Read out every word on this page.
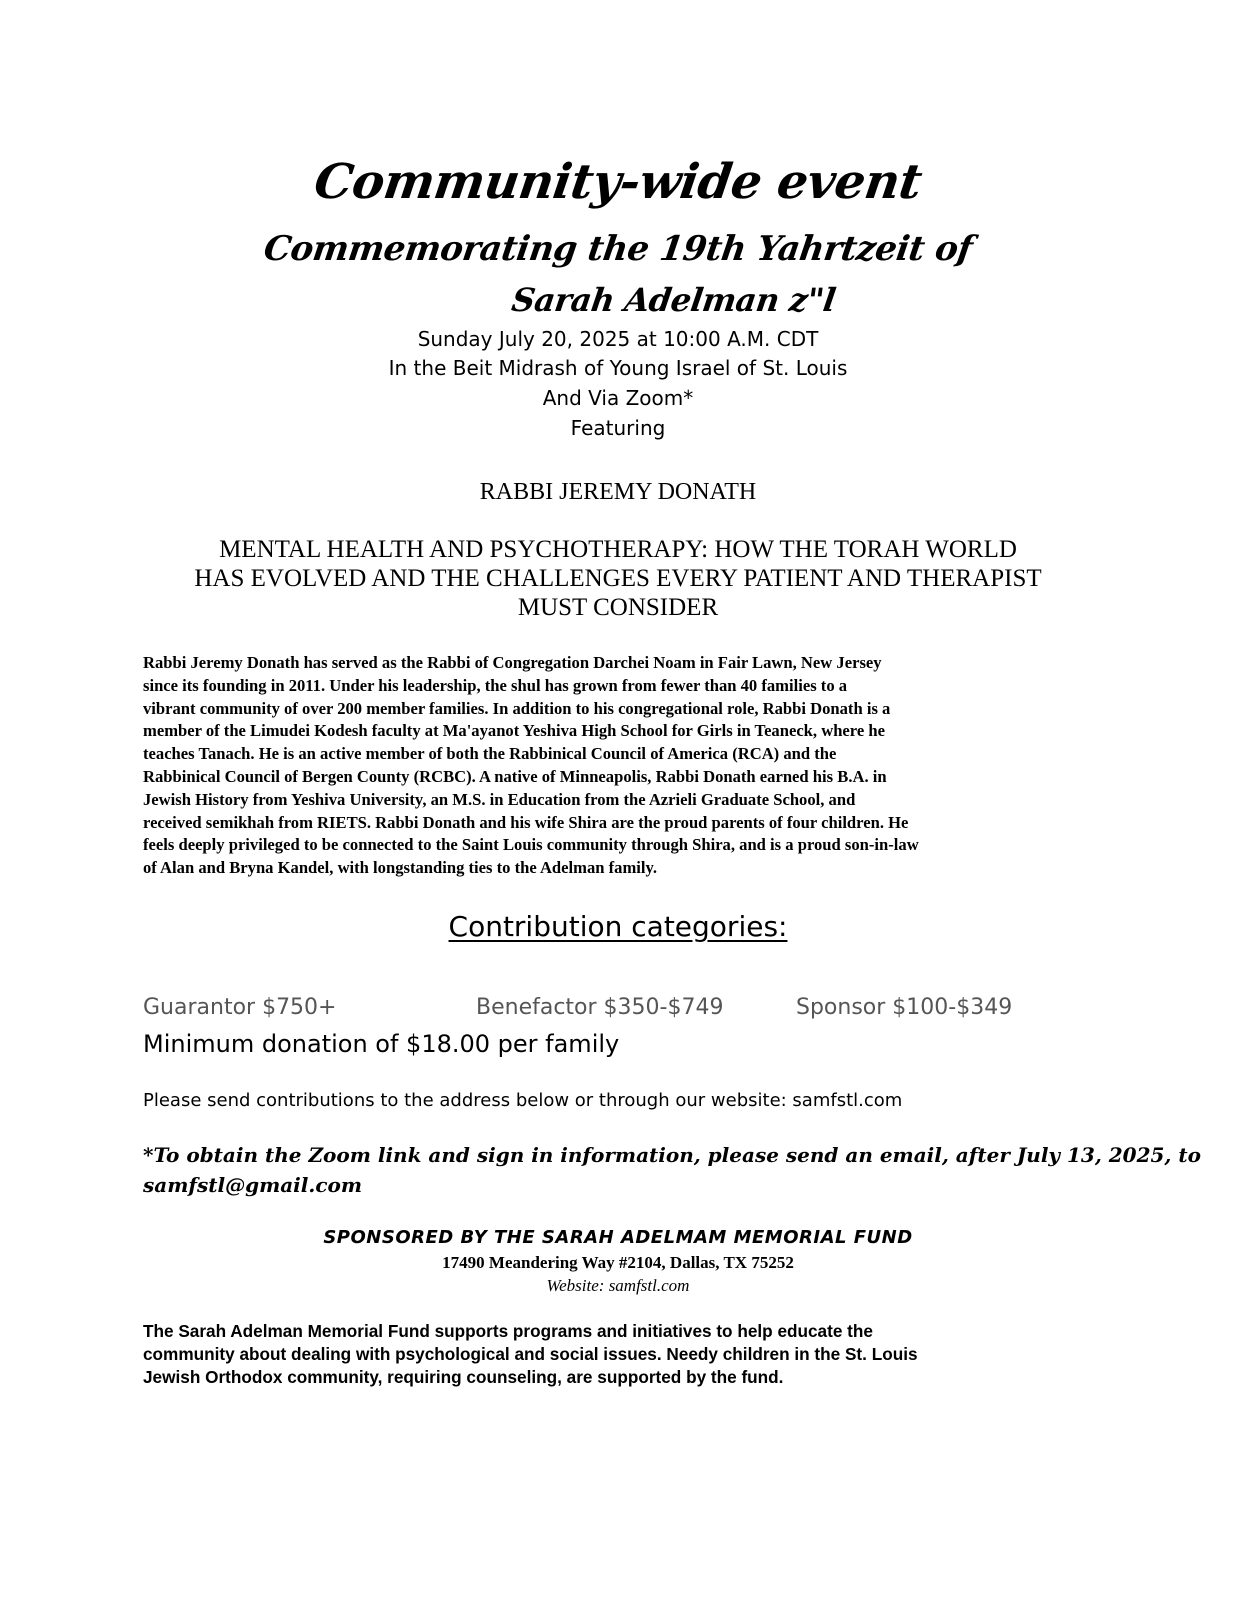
Community-wide event
Commemorating the 19th Yahrtzeit of
Sarah Adelman z"l
Sunday July 20, 2025 at 10:00 A.M. CDT
In the Beit Midrash of Young Israel of St. Louis
And Via Zoom*
Featuring
RABBI JEREMY DONATH
MENTAL HEALTH AND PSYCHOTHERAPY: HOW THE TORAH WORLD
HAS EVOLVED AND THE CHALLENGES EVERY PATIENT AND THERAPIST
MUST CONSIDER
Rabbi Jeremy Donath has served as the Rabbi of Congregation Darchei Noam in Fair Lawn, New Jersey
since its founding in 2011. Under his leadership, the shul has grown from fewer than 40 families to a
vibrant community of over 200 member families. In addition to his congregational role, Rabbi Donath is a
member of the Limudei Kodesh faculty at Ma'ayanot Yeshiva High School for Girls in Teaneck, where he
teaches Tanach. He is an active member of both the Rabbinical Council of America (RCA) and the
Rabbinical Council of Bergen County (RCBC). A native of Minneapolis, Rabbi Donath earned his B.A. in
Jewish History from Yeshiva University, an M.S. in Education from the Azrieli Graduate School, and
received semikhah from RIETS. Rabbi Donath and his wife Shira are the proud parents of four children. He
feels deeply privileged to be connected to the Saint Louis community through Shira, and is a proud son-in-law
of Alan and Bryna Kandel, with longstanding ties to the Adelman family.
Contribution categories:
Guarantor $750+	Benefactor $350-$749	Sponsor $100-$349
Minimum donation of $18.00 per family
Please send contributions to the address below or through our website: samfstl.com
*To obtain the Zoom link and sign in information, please send an email, after July 13, 2025, to
samfstl@gmail.com
SPONSORED BY THE SARAH ADELMAM MEMORIAL FUND
17490 Meandering Way #2104, Dallas, TX 75252
Website: samfstl.com
The Sarah Adelman Memorial Fund supports programs and initiatives to help educate the
community about dealing with psychological and social issues. Needy children in the St. Louis
Jewish Orthodox community, requiring counseling, are supported by the fund.
